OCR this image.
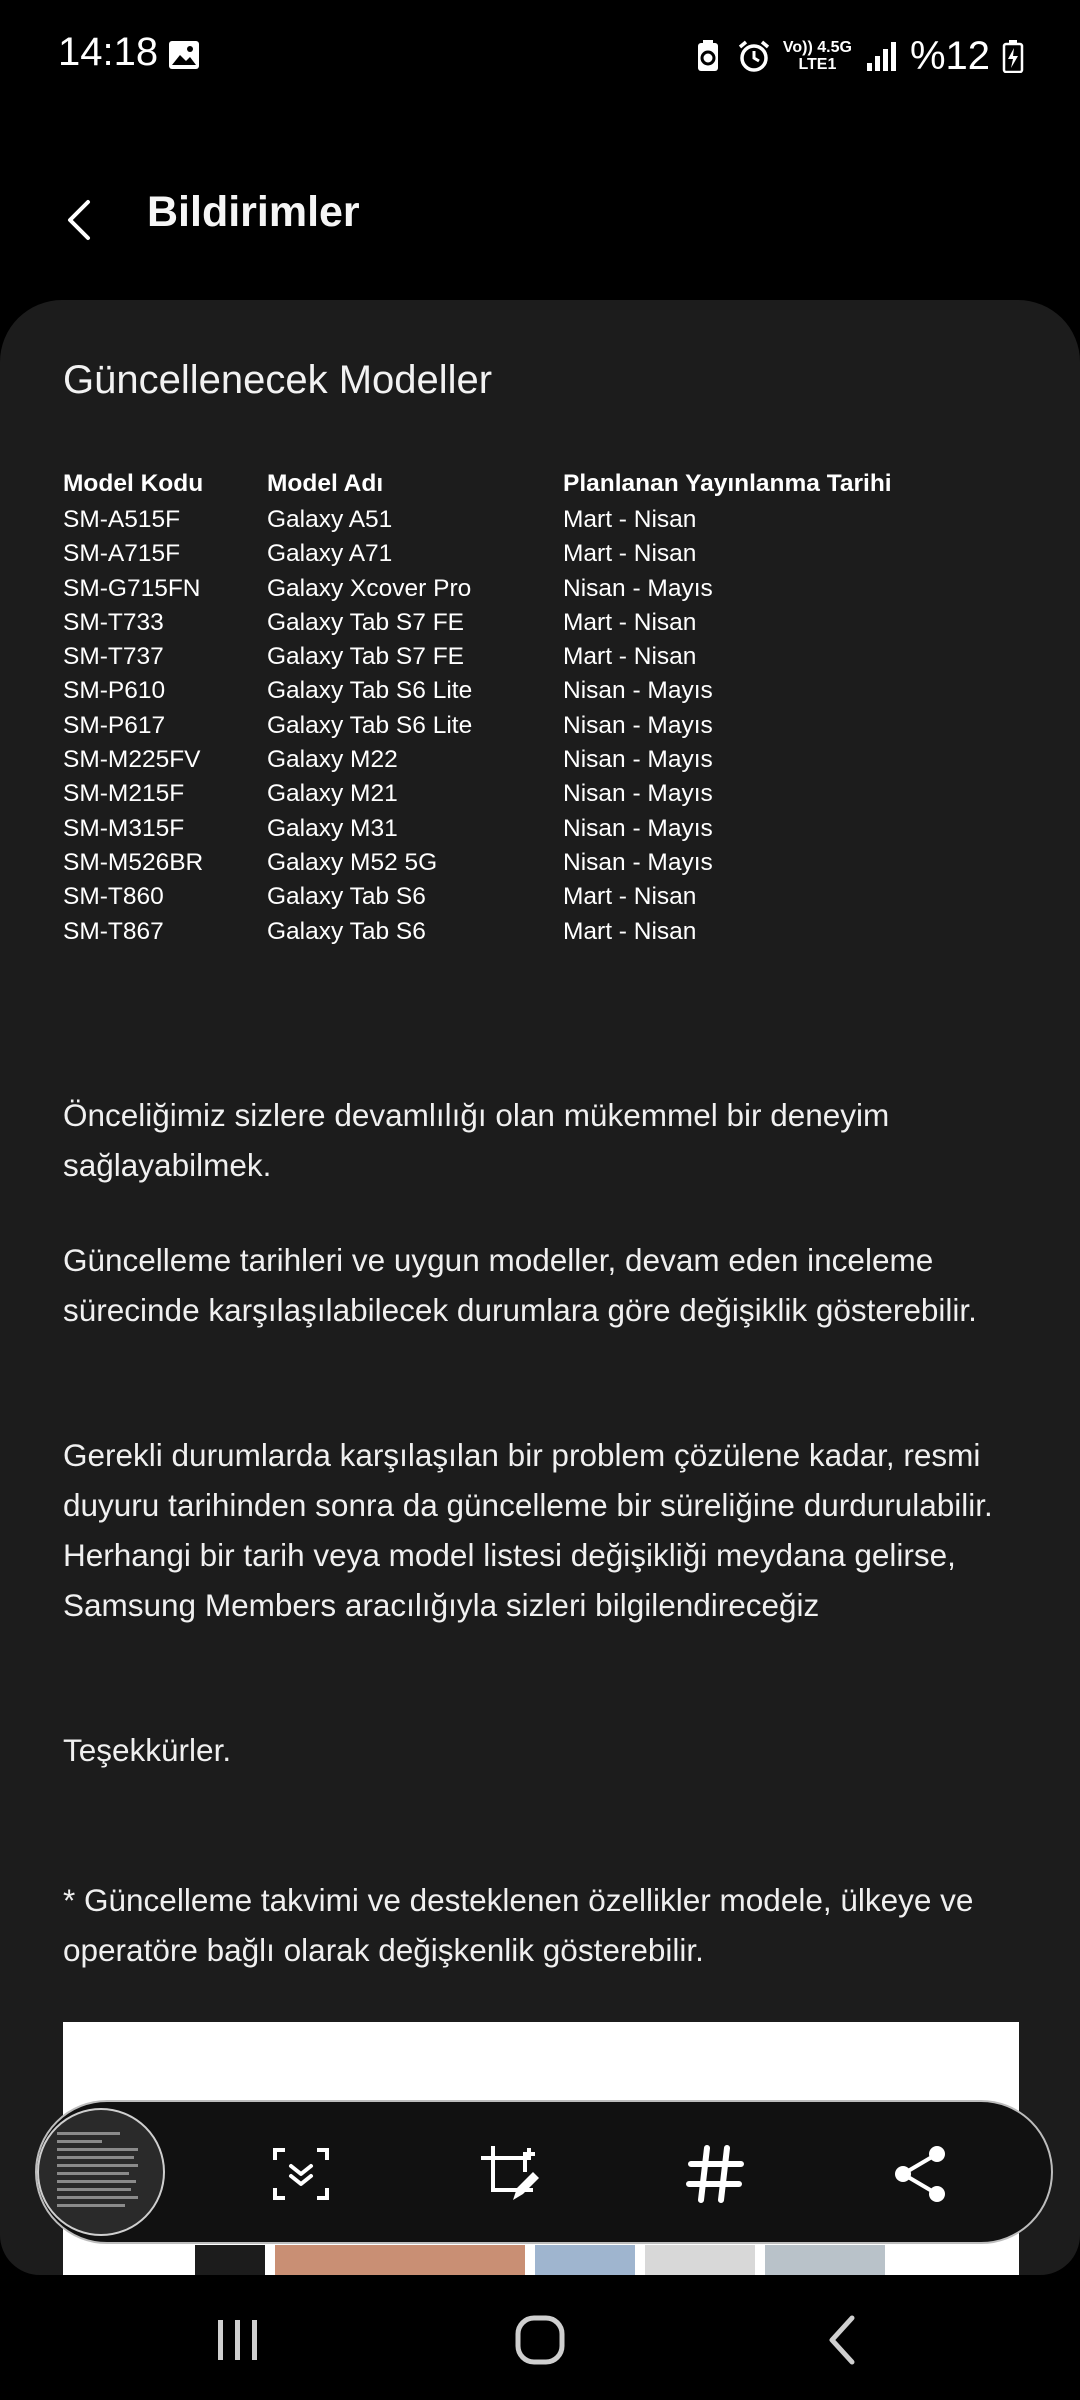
14:18	Vo)) 4.5G
LTE1	%12
Bildirimler
Güncellenecek Modeller
Model Kodu	Model Adı	Planlanan Yayınlanma Tarihi
SM-A515F	Galaxy A51	Mart - Nisan
SM-A715F	Galaxy A71	Mart - Nisan
SM-G715FN	Galaxy Xcover Pro	Nisan - Mayıs
SM-T733	Galaxy Tab S7 FE	Mart - Nisan
SM-T737	Galaxy Tab S7 FE	Mart - Nisan
SM-P610	Galaxy Tab S6 Lite	Nisan - Mayıs
SM-P617	Galaxy Tab S6 Lite	Nisan - Mayıs
SM-M225FV	Galaxy M22	Nisan - Mayıs
SM-M215F	Galaxy M21	Nisan - Mayıs
SM-M315F	Galaxy M31	Nisan - Mayıs
SM-M526BR	Galaxy M52 5G	Nisan - Mayıs
SM-T860	Galaxy Tab S6	Mart - Nisan
SM-T867	Galaxy Tab S6	Mart - Nisan
Önceliğimiz sizlere devamlılığı olan mükemmel bir deneyim sağlayabilmek.
Güncelleme tarihleri ve uygun modeller, devam eden inceleme sürecinde karşılaşılabilecek durumlara göre değişiklik gösterebilir.
Gerekli durumlarda karşılaşılan bir problem çözülene kadar, resmi duyuru tarihinden sonra da güncelleme bir süreliğine durdurulabilir. Herhangi bir tarih veya model listesi değişikliği meydana gelirse, Samsung Members aracılığıyla sizleri bilgilendireceğiz
Teşekkürler.
* Güncelleme takvimi ve desteklenen özellikler modele, ülkeye ve operatöre bağlı olarak değişkenlik gösterebilir.
